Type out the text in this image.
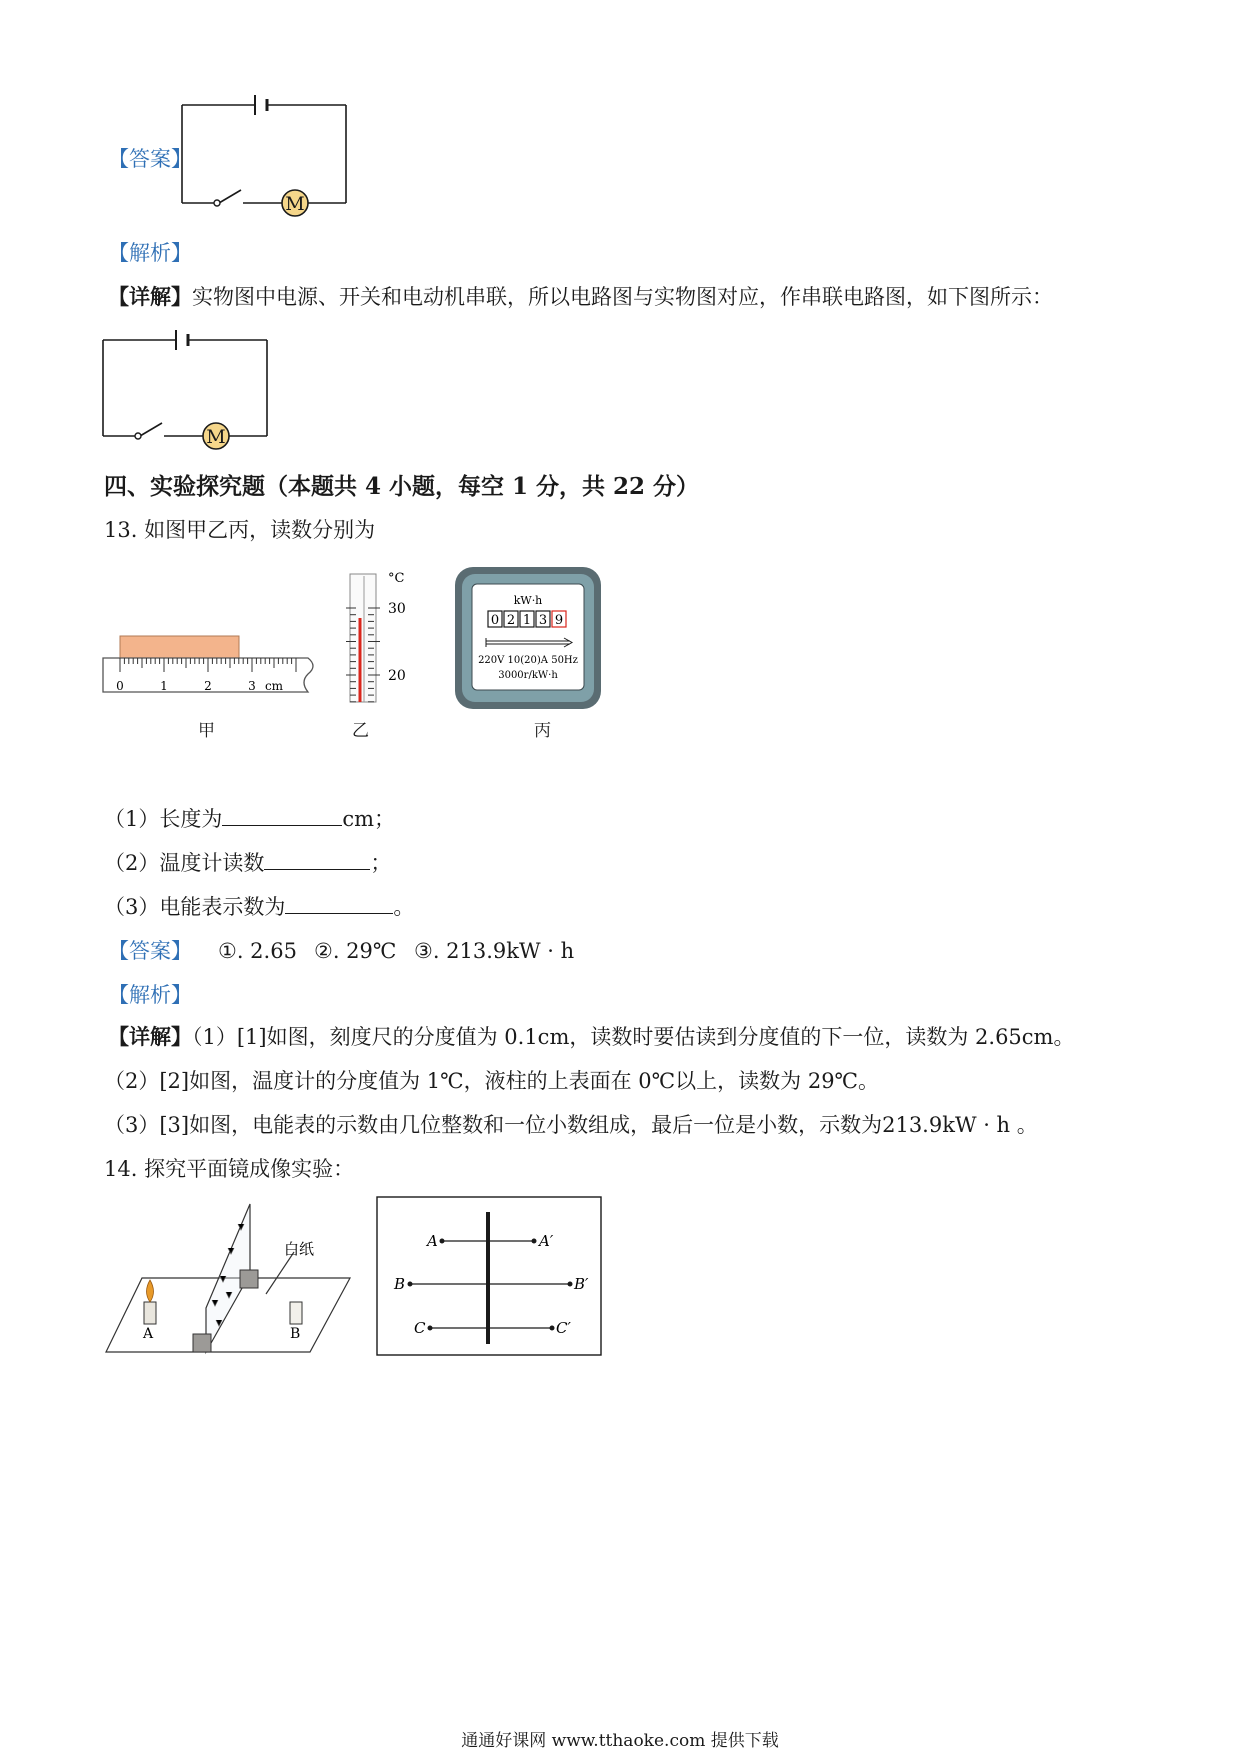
【答案】
M
【解析】
【详解】实物图中电源、开关和电动机串联，所以电路图与实物图对应，作串联电路图，如下图所示：
M
四、实验探究题（本题共 4 小题，每空 1 分，共 22 分）
13. 如图甲乙丙，读数分别为
0	1	2	3 cm
甲
°C
30
20
乙
kW·h
0 2 1 3 9
220V 10(20)A 50Hz
3000r/kW·h
丙
（1）长度为	cm；
（2）温度计读数	；
（3）电能表示数为	。
【答案】 ①. 2.65 ②. 29℃ ③. 213.9kW · h
【解析】
【详解】（1）[1]如图，刻度尺的分度值为 0.1cm，读数时要估读到分度值的下一位，读数为 2.65cm。
（2）[2]如图，温度计的分度值为 1℃，液柱的上表面在 0℃以上，读数为 29℃。
（3）[3]如图，电能表的示数由几位整数和一位小数组成，最后一位是小数，示数为213.9kW · h 。
14. 探究平面镜成像实验：
白纸
A	B
A	A′
B	B′
C	C′
通通好课网 www.tthaoke.com 提供下载
